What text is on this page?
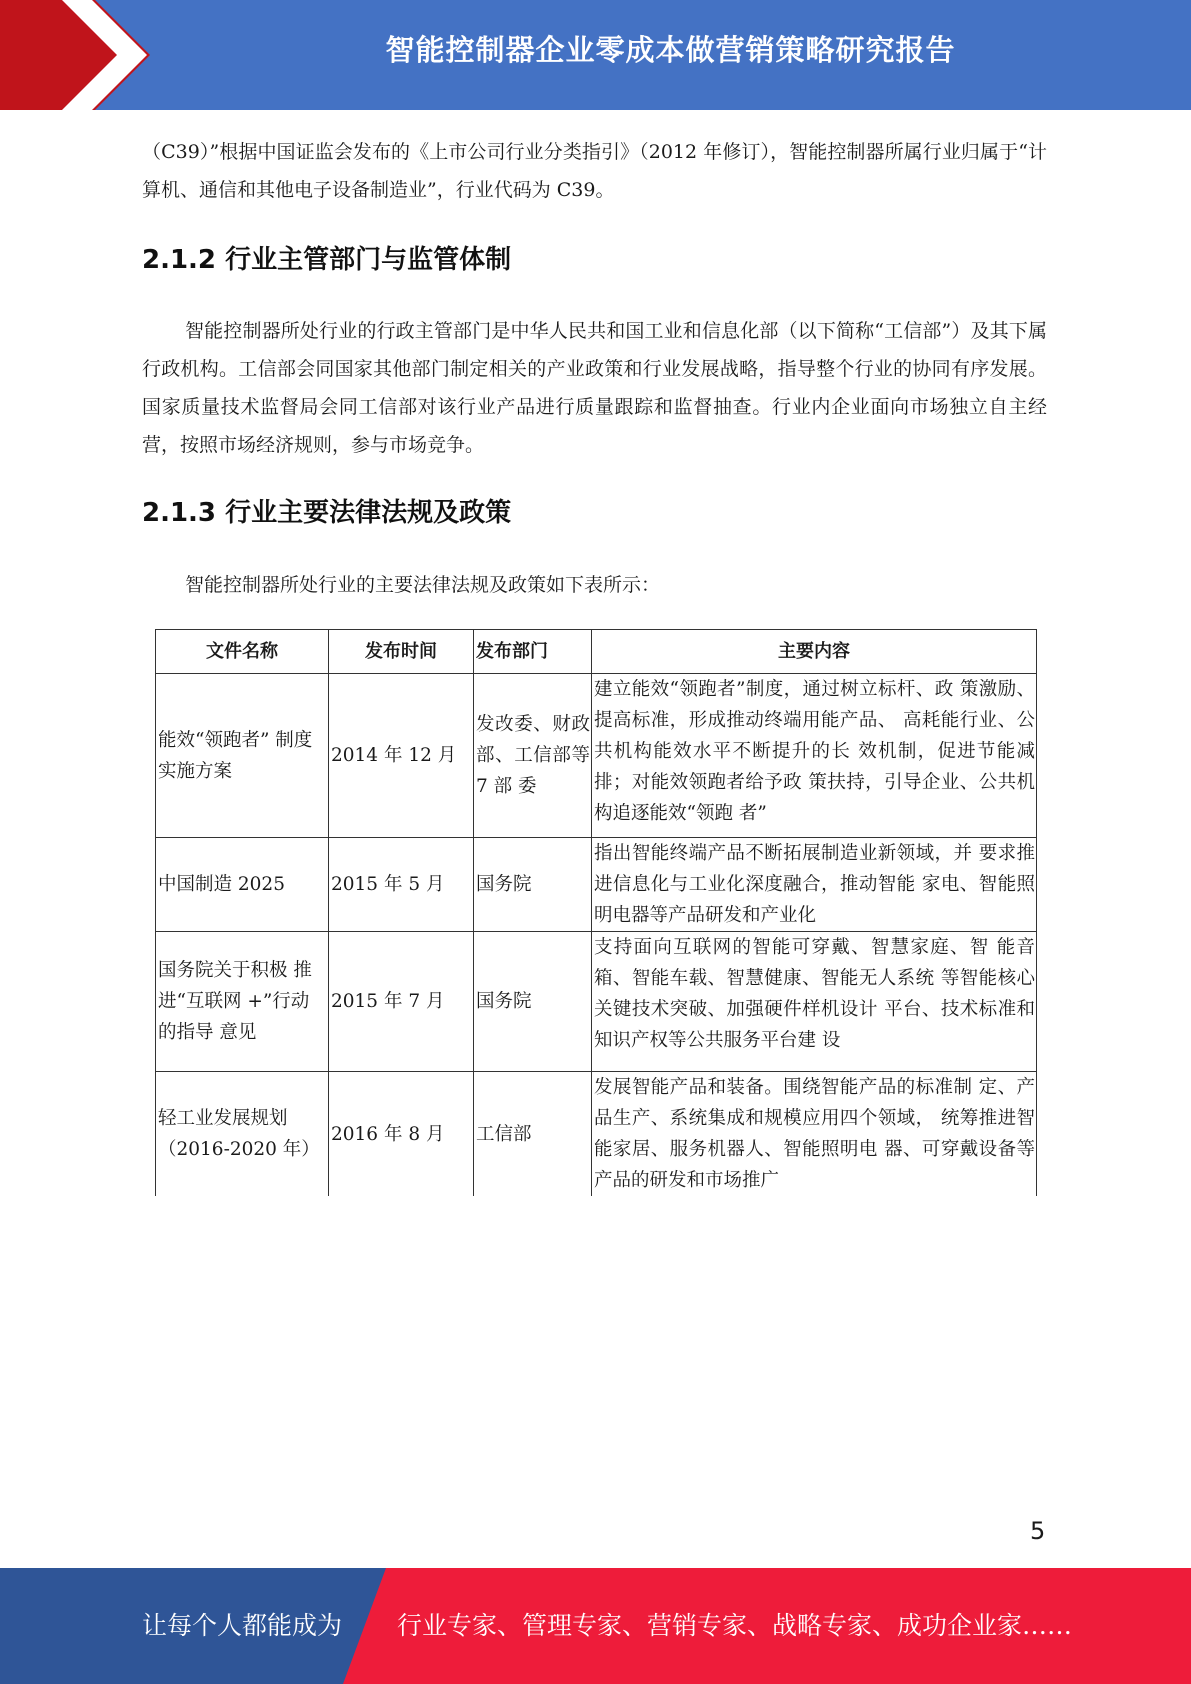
智能控制器企业零成本做营销策略研究报告

（C39）”根据中国证监会发布的《上市公司行业分类指引》（2012 年修订），智能控制器所属行业归属于“计算机、通信和其他电子设备制造业”，行业代码为 C39。

2.1.2 行业主管部门与监管体制

智能控制器所处行业的行政主管部门是中华人民共和国工业和信息化部（以下简称“工信部”）及其下属行政机构。工信部会同国家其他部门制定相关的产业政策和行业发展战略，指导整个行业的协同有序发展。国家质量技术监督局会同工信部对该行业产品进行质量跟踪和监督抽查。行业内企业面向市场独立自主经营，按照市场经济规则，参与市场竞争。

2.1.3 行业主要法律法规及政策

智能控制器所处行业的主要法律法规及政策如下表所示：

文件名称	发布时间	发布部门	主要内容
能效“领跑者” 制度实施方案	2014 年 12 月	发改委、财政部、工信部等 7 部 委	建立能效“领跑者”制度，通过树立标杆、政 策激励、提高标准，形成推动终端用能产品、 高耗能行业、公共机构能效水平不断提升的长 效机制，促进节能减排；对能效领跑者给予政 策扶持，引导企业、公共机构追逐能效“领跑 者”
中国制造 2025	2015 年 5 月	国务院	指出智能终端产品不断拓展制造业新领域，并 要求推进信息化与工业化深度融合，推动智能 家电、智能照明电器等产品研发和产业化
国务院关于积极 推进“互联网 +”行动的指导 意见	2015 年 7 月	国务院	支持面向互联网的智能可穿戴、智慧家庭、智 能音箱、智能车载、智慧健康、智能无人系统 等智能核心关键技术突破、加强硬件样机设计 平台、技术标准和知识产权等公共服务平台建 设
轻工业发展规划（2016-2020 年）	2016 年 8 月	工信部	发展智能产品和装备。围绕智能产品的标准制 定、产品生产、系统集成和规模应用四个领域， 统筹推进智能家居、服务机器人、智能照明电 器、可穿戴设备等产品的研发和市场推广
5
让每个人都能成为 行业专家、管理专家、营销专家、战略专家、成功企业家……
